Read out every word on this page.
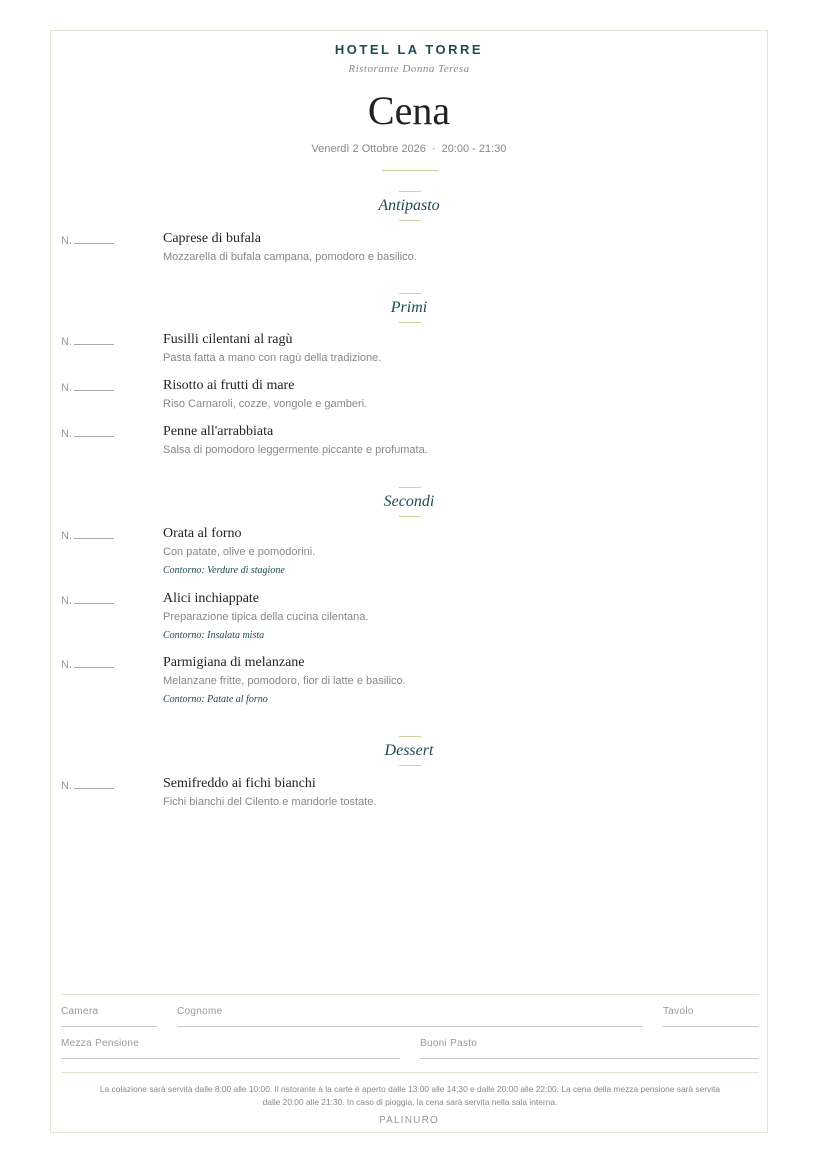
HOTEL LA TORRE
Ristorante Donna Teresa
Cena
Venerdì 2 Ottobre 2026 · 20:00 - 21:30
Antipasto
N.	Caprese di bufala
Mozzarella di bufala campana, pomodoro e basilico.
Primi
N.	Fusilli cilentani al ragù
Pasta fatta a mano con ragù della tradizione.
N.	Risotto ai frutti di mare
Riso Carnaroli, cozze, vongole e gamberi.
N.	Penne all'arrabbiata
Salsa di pomodoro leggermente piccante e profumata.
Secondi
N.	Orata al forno
Con patate, olive e pomodorini.
Contorno: Verdure di stagione
N.	Alici inchiappate
Preparazione tipica della cucina cilentana.
Contorno: Insalata mista
N.	Parmigiana di melanzane
Melanzane fritte, pomodoro, fior di latte e basilico.
Contorno: Patate al forno
Dessert
N.	Semifreddo ai fichi bianchi
Fichi bianchi del Cilento e mandorle tostate.
Camera	Cognome	Tavolo
Mezza Pensione	Buoni Pasto
La colazione sarà servita dalle 8:00 alle 10:00. Il ristorante à la carte è aperto dalle 13:00 alle 14:30 e dalle 20:00 alle 22:00. La cena della mezza pensione sarà servita dalle 20:00 alle 21:30. In caso di pioggia, la cena sarà servita nella sala interna.
PALINURO
